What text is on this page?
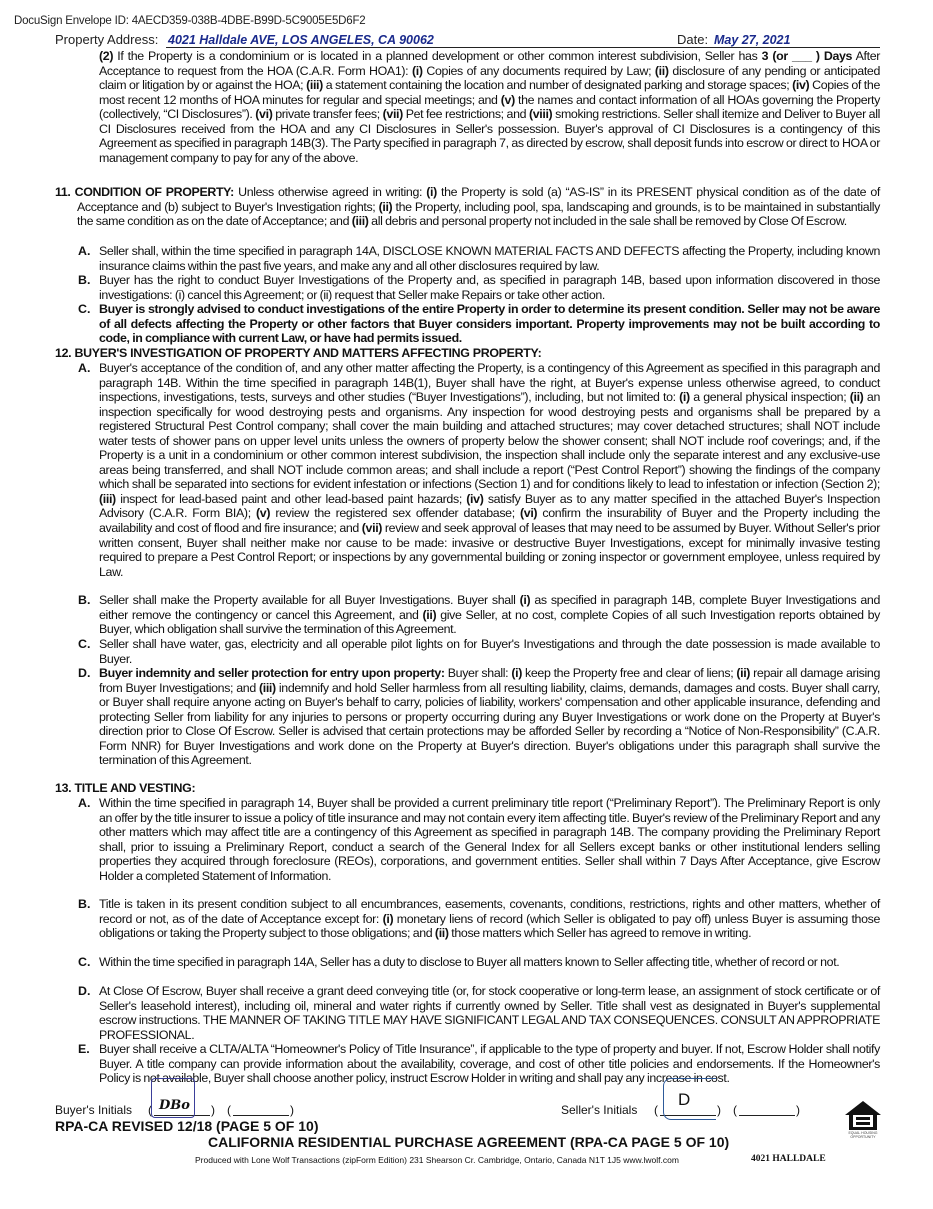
DocuSign Envelope ID: 4AECD359-038B-4DBE-B99D-5C9005E5D6F2
Property Address: 4021 Halldale AVE, LOS ANGELES, CA 90062	Date: May 27, 2021
(2) If the Property is a condominium or is located in a planned development or other common interest subdivision, Seller has 3 (or ___ ) Days After Acceptance to request from the HOA (C.A.R. Form HOA1): (i) Copies of any documents required by Law; (ii) disclosure of any pending or anticipated claim or litigation by or against the HOA; (iii) a statement containing the location and number of designated parking and storage spaces; (iv) Copies of the most recent 12 months of HOA minutes for regular and special meetings; and (v) the names and contact information of all HOAs governing the Property (collectively, “CI Disclosures”). (vi) private transfer fees; (vii) Pet fee restrictions; and (viii) smoking restrictions. Seller shall itemize and Deliver to Buyer all CI Disclosures received from the HOA and any CI Disclosures in Seller's possession. Buyer's approval of CI Disclosures is a contingency of this Agreement as specified in paragraph 14B(3). The Party specified in paragraph 7, as directed by escrow, shall deposit funds into escrow or direct to HOA or management company to pay for any of the above.
11. CONDITION OF PROPERTY: Unless otherwise agreed in writing: (i) the Property is sold (a) “AS-IS” in its PRESENT physical condition as of the date of Acceptance and (b) subject to Buyer's Investigation rights; (ii) the Property, including pool, spa, landscaping and grounds, is to be maintained in substantially the same condition as on the date of Acceptance; and (iii) all debris and personal property not included in the sale shall be removed by Close Of Escrow.
A. Seller shall, within the time specified in paragraph 14A, DISCLOSE KNOWN MATERIAL FACTS AND DEFECTS affecting the Property, including known insurance claims within the past five years, and make any and all other disclosures required by law.
B. Buyer has the right to conduct Buyer Investigations of the Property and, as specified in paragraph 14B, based upon information discovered in those investigations: (i) cancel this Agreement; or (ii) request that Seller make Repairs or take other action.
C. Buyer is strongly advised to conduct investigations of the entire Property in order to determine its present condition. Seller may not be aware of all defects affecting the Property or other factors that Buyer considers important. Property improvements may not be built according to code, in compliance with current Law, or have had permits issued.
12. BUYER'S INVESTIGATION OF PROPERTY AND MATTERS AFFECTING PROPERTY:
A. Buyer's acceptance of the condition of, and any other matter affecting the Property, is a contingency of this Agreement as specified in this paragraph and paragraph 14B. Within the time specified in paragraph 14B(1), Buyer shall have the right, at Buyer's expense unless otherwise agreed, to conduct inspections, investigations, tests, surveys and other studies (“Buyer Investigations”), including, but not limited to: (i) a general physical inspection; (ii) an inspection specifically for wood destroying pests and organisms. Any inspection for wood destroying pests and organisms shall be prepared by a registered Structural Pest Control company; shall cover the main building and attached structures; may cover detached structures; shall NOT include water tests of shower pans on upper level units unless the owners of property below the shower consent; shall NOT include roof coverings; and, if the Property is a unit in a condominium or other common interest subdivision, the inspection shall include only the separate interest and any exclusive-use areas being transferred, and shall NOT include common areas; and shall include a report (“Pest Control Report”) showing the findings of the company which shall be separated into sections for evident infestation or infections (Section 1) and for conditions likely to lead to infestation or infection (Section 2); (iii) inspect for lead-based paint and other lead-based paint hazards; (iv) satisfy Buyer as to any matter specified in the attached Buyer's Inspection Advisory (C.A.R. Form BIA); (v) review the registered sex offender database; (vi) confirm the insurability of Buyer and the Property including the availability and cost of flood and fire insurance; and (vii) review and seek approval of leases that may need to be assumed by Buyer. Without Seller's prior written consent, Buyer shall neither make nor cause to be made: invasive or destructive Buyer Investigations, except for minimally invasive testing required to prepare a Pest Control Report; or inspections by any governmental building or zoning inspector or government employee, unless required by Law.
B. Seller shall make the Property available for all Buyer Investigations. Buyer shall (i) as specified in paragraph 14B, complete Buyer Investigations and either remove the contingency or cancel this Agreement, and (ii) give Seller, at no cost, complete Copies of all such Investigation reports obtained by Buyer, which obligation shall survive the termination of this Agreement.
C. Seller shall have water, gas, electricity and all operable pilot lights on for Buyer's Investigations and through the date possession is made available to Buyer.
D. Buyer indemnity and seller protection for entry upon property: Buyer shall: (i) keep the Property free and clear of liens; (ii) repair all damage arising from Buyer Investigations; and (iii) indemnify and hold Seller harmless from all resulting liability, claims, demands, damages and costs. Buyer shall carry, or Buyer shall require anyone acting on Buyer's behalf to carry, policies of liability, workers' compensation and other applicable insurance, defending and protecting Seller from liability for any injuries to persons or property occurring during any Buyer Investigations or work done on the Property at Buyer's direction prior to Close Of Escrow. Seller is advised that certain protections may be afforded Seller by recording a “Notice of Non-Responsibility” (C.A.R. Form NNR) for Buyer Investigations and work done on the Property at Buyer's direction. Buyer's obligations under this paragraph shall survive the termination of this Agreement.
13. TITLE AND VESTING:
A. Within the time specified in paragraph 14, Buyer shall be provided a current preliminary title report (“Preliminary Report”). The Preliminary Report is only an offer by the title insurer to issue a policy of title insurance and may not contain every item affecting title. Buyer's review of the Preliminary Report and any other matters which may affect title are a contingency of this Agreement as specified in paragraph 14B. The company providing the Preliminary Report shall, prior to issuing a Preliminary Report, conduct a search of the General Index for all Sellers except banks or other institutional lenders selling properties they acquired through foreclosure (REOs), corporations, and government entities. Seller shall within 7 Days After Acceptance, give Escrow Holder a completed Statement of Information.
B. Title is taken in its present condition subject to all encumbrances, easements, covenants, conditions, restrictions, rights and other matters, whether of record or not, as of the date of Acceptance except for: (i) monetary liens of record (which Seller is obligated to pay off) unless Buyer is assuming those obligations or taking the Property subject to those obligations; and (ii) those matters which Seller has agreed to remove in writing.
C. Within the time specified in paragraph 14A, Seller has a duty to disclose to Buyer all matters known to Seller affecting title, whether of record or not.
D. At Close Of Escrow, Buyer shall receive a grant deed conveying title (or, for stock cooperative or long-term lease, an assignment of stock certificate or of Seller's leasehold interest), including oil, mineral and water rights if currently owned by Seller. Title shall vest as designated in Buyer's supplemental escrow instructions. THE MANNER OF TAKING TITLE MAY HAVE SIGNIFICANT LEGAL AND TAX CONSEQUENCES. CONSULT AN APPROPRIATE PROFESSIONAL.
E. Buyer shall receive a CLTA/ALTA “Homeowner's Policy of Title Insurance”, if applicable to the type of property and buyer. If not, Escrow Holder shall notify Buyer. A title company can provide information about the availability, coverage, and cost of other title policies and endorsements. If the Homeowner's Policy is not available, Buyer shall choose another policy, instruct Escrow Holder in writing and shall pay any increase in cost.
Buyer's Initials (	) (	)
DBo	Seller's Initials (	) (	)
D
EQUAL HOUSING OPPORTUNITY
RPA-CA REVISED 12/18 (PAGE 5 OF 10)
CALIFORNIA RESIDENTIAL PURCHASE AGREEMENT (RPA-CA PAGE 5 OF 10)
Produced with Lone Wolf Transactions (zipForm Edition) 231 Shearson Cr. Cambridge, Ontario, Canada N1T 1J5 www.lwolf.com	4021 HALLDALE
